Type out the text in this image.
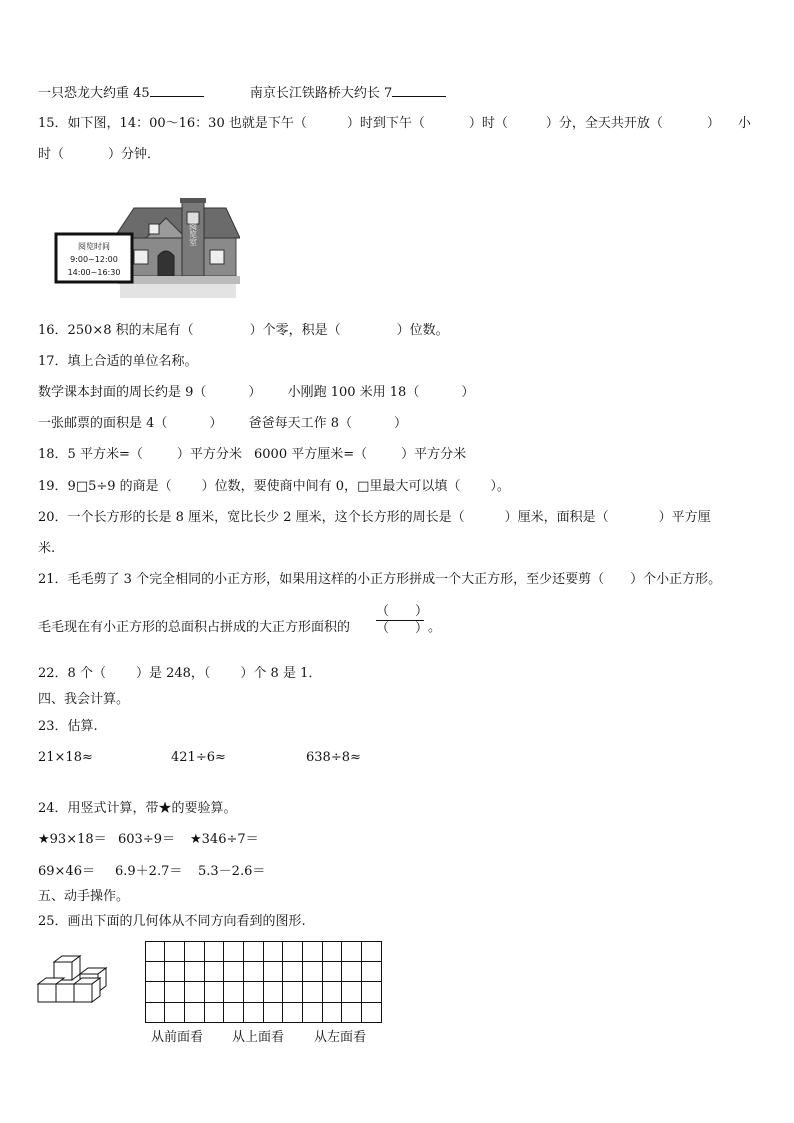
一只恐龙大约重 45	南京长江铁路桥大约长 7
15．如下图，14：00～16：30 也就是下午（	）时到下午（	）时（	）分，全天共开放（	） 小
时（	）分钟．
阅览室
阅览时间
9:00~12:00
14:00~16:30
16．250×8 积的末尾有（	）个零，积是（	）位数。
17．填上合适的单位名称。
数学课本封面的周长约是 9（	） 小刚跑 100 米用 18（	）
一张邮票的面积是 4（	） 爸爸每天工作 8（	）
18．5 平方米=（	）平方分米 6000 平方厘米=（	）平方分米
19．9□5÷9 的商是（ ）位数，要使商中间有 0，□里最大可以填（ ）。
20．一个长方形的长是 8 厘米，宽比长少 2 厘米，这个长方形的周长是（	）厘米，面积是（	）平方厘
米.
21．毛毛剪了 3 个完全相同的小正方形，如果用这样的小正方形拼成一个大正方形，至少还要剪（ ）个小正方形。
毛毛现在有小正方形的总面积占拼成的大正方形面积的
（　　）
（　　） 。
22．8 个（ ）是 248，（ ）个 8 是 1．
四、我会计算。
23．估算.
21×18≈	421÷6≈	638÷8≈
24．用竖式计算，带★的要验算。
★93×18＝ 603÷9＝ ★346÷7＝
69×46＝ 6.9＋2.7＝ 5.3－2.6＝
五、动手操作。
25．画出下面的几何体从不同方向看到的图形.
从前面看 从上面看 从左面看
